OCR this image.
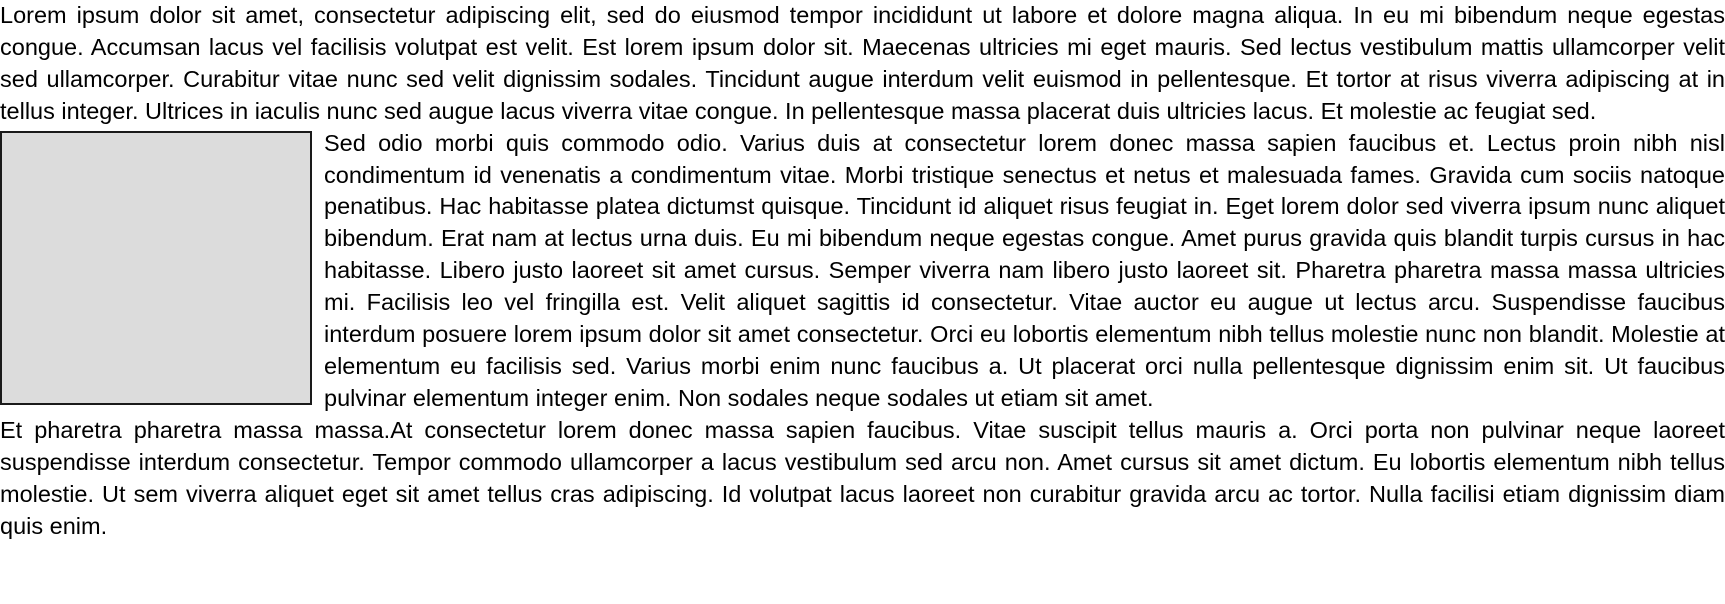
Lorem ipsum dolor sit amet, consectetur adipiscing elit, sed do eiusmod tempor incididunt ut labore et dolore magna aliqua. In eu mi bibendum neque egestas congue. Accumsan lacus vel facilisis volutpat est velit. Est lorem ipsum dolor sit. Maecenas ultricies mi eget mauris. Sed lectus vestibulum mattis ullamcorper velit sed ullamcorper. Curabitur vitae nunc sed velit dignissim sodales. Tincidunt augue interdum velit euismod in pellentesque. Et tortor at risus viverra adipiscing at in tellus integer. Ultrices in iaculis nunc sed augue lacus viverra vitae congue. In pellentesque massa placerat duis ultricies lacus. Et molestie ac feugiat sed.

Sed odio morbi quis commodo odio. Varius duis at consectetur lorem donec massa sapien faucibus et. Lectus proin nibh nisl condimentum id venenatis a condimentum vitae. Morbi tristique senectus et netus et malesuada fames. Gravida cum sociis natoque penatibus. Hac habitasse platea dictumst quisque. Tincidunt id aliquet risus feugiat in. Eget lorem dolor sed viverra ipsum nunc aliquet bibendum. Erat nam at lectus urna duis. Eu mi bibendum neque egestas congue. Amet purus gravida quis blandit turpis cursus in hac habitasse. Libero justo laoreet sit amet cursus. Semper viverra nam libero justo laoreet sit. Pharetra pharetra massa massa ultricies mi. Facilisis leo vel fringilla est. Velit aliquet sagittis id consectetur. Vitae auctor eu augue ut lectus arcu. Suspendisse faucibus interdum posuere lorem ipsum dolor sit amet consectetur. Orci eu lobortis elementum nibh tellus molestie nunc non blandit. Molestie at elementum eu facilisis sed. Varius morbi enim nunc faucibus a. Ut placerat orci nulla pellentesque dignissim enim sit. Ut faucibus pulvinar elementum integer enim. Non sodales neque sodales ut etiam sit amet.

Et pharetra pharetra massa massa.At consectetur lorem donec massa sapien faucibus. Vitae suscipit tellus mauris a. Orci porta non pulvinar neque laoreet suspendisse interdum consectetur. Tempor commodo ullamcorper a lacus vestibulum sed arcu non. Amet cursus sit amet dictum. Eu lobortis elementum nibh tellus molestie. Ut sem viverra aliquet eget sit amet tellus cras adipiscing. Id volutpat lacus laoreet non curabitur gravida arcu ac tortor. Nulla facilisi etiam dignissim diam quis enim.
